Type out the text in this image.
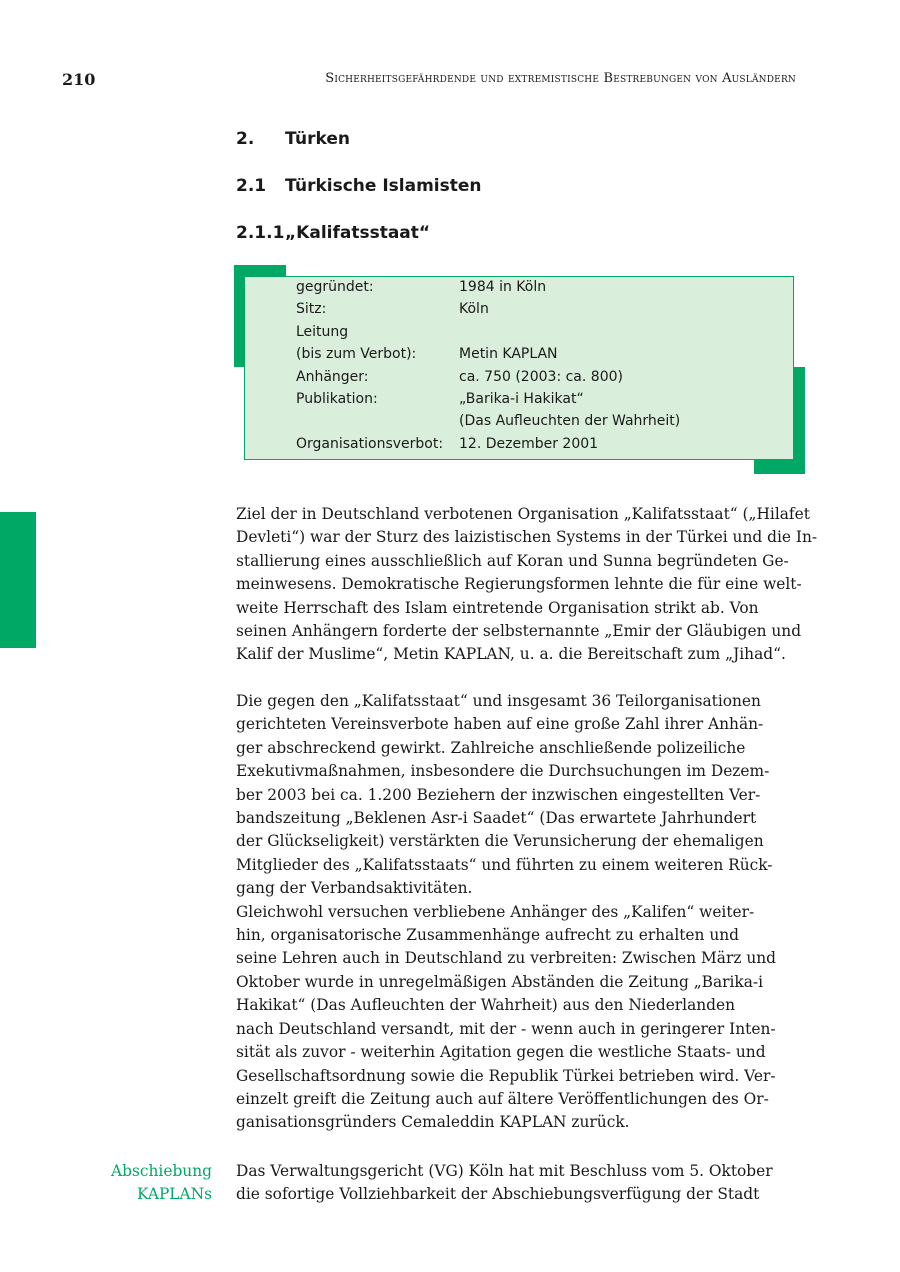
210	Sicherheitsgefährdende und extremistische Bestrebungen von Ausländern
2. Türken
2.1 Türkische Islamisten
2.1.1„Kalifatsstaat“
gegründet:	1984 in Köln
Sitz:	Köln
Leitung	
(bis zum Verbot):	Metin KAPLAN
Anhänger:	ca. 750 (2003: ca. 800)
Publikation:	„Barika-i Hakikat“
	(Das Aufleuchten der Wahrheit)
Organisationsverbot:	12. Dezember 2001

Ziel der in Deutschland verbotenen Organisation „Kalifatsstaat“ („Hilafet
Devleti“) war der Sturz des laizistischen Systems in der Türkei und die In-
stallierung eines ausschließlich auf Koran und Sunna begründeten Ge-
meinwesens. Demokratische Regierungsformen lehnte die für eine welt-
weite Herrschaft des Islam eintretende Organisation strikt ab. Von
seinen Anhängern forderte der selbsternannte „Emir der Gläubigen und
Kalif der Muslime“, Metin KAPLAN, u. a. die Bereitschaft zum „Jihad“.

Die gegen den „Kalifatsstaat“ und insgesamt 36 Teilorganisationen
gerichteten Vereinsverbote haben auf eine große Zahl ihrer Anhän-
ger abschreckend gewirkt. Zahlreiche anschließende polizeiliche
Exekutivmaßnahmen, insbesondere die Durchsuchungen im Dezem-
ber 2003 bei ca. 1.200 Beziehern der inzwischen eingestellten Ver-
bandszeitung „Beklenen Asr-i Saadet“ (Das erwartete Jahrhundert
der Glückseligkeit) verstärkten die Verunsicherung der ehemaligen
Mitglieder des „Kalifatsstaats“ und führten zu einem weiteren Rück-
gang der Verbandsaktivitäten.
Gleichwohl versuchen verbliebene Anhänger des „Kalifen“ weiter-
hin, organisatorische Zusammenhänge aufrecht zu erhalten und
seine Lehren auch in Deutschland zu verbreiten: Zwischen März und
Oktober wurde in unregelmäßigen Abständen die Zeitung „Barika-i
Hakikat“ (Das Aufleuchten der Wahrheit) aus den Niederlanden
nach Deutschland versandt, mit der - wenn auch in geringerer Inten-
sität als zuvor - weiterhin Agitation gegen die westliche Staats- und
Gesellschaftsordnung sowie die Republik Türkei betrieben wird. Ver-
einzelt greift die Zeitung auch auf ältere Veröffentlichungen des Or-
ganisationsgründers Cemaleddin KAPLAN zurück.

Abschiebung
KAPLANs

Das Verwaltungsgericht (VG) Köln hat mit Beschluss vom 5. Oktober
die sofortige Vollziehbarkeit der Abschiebungsverfügung der Stadt
